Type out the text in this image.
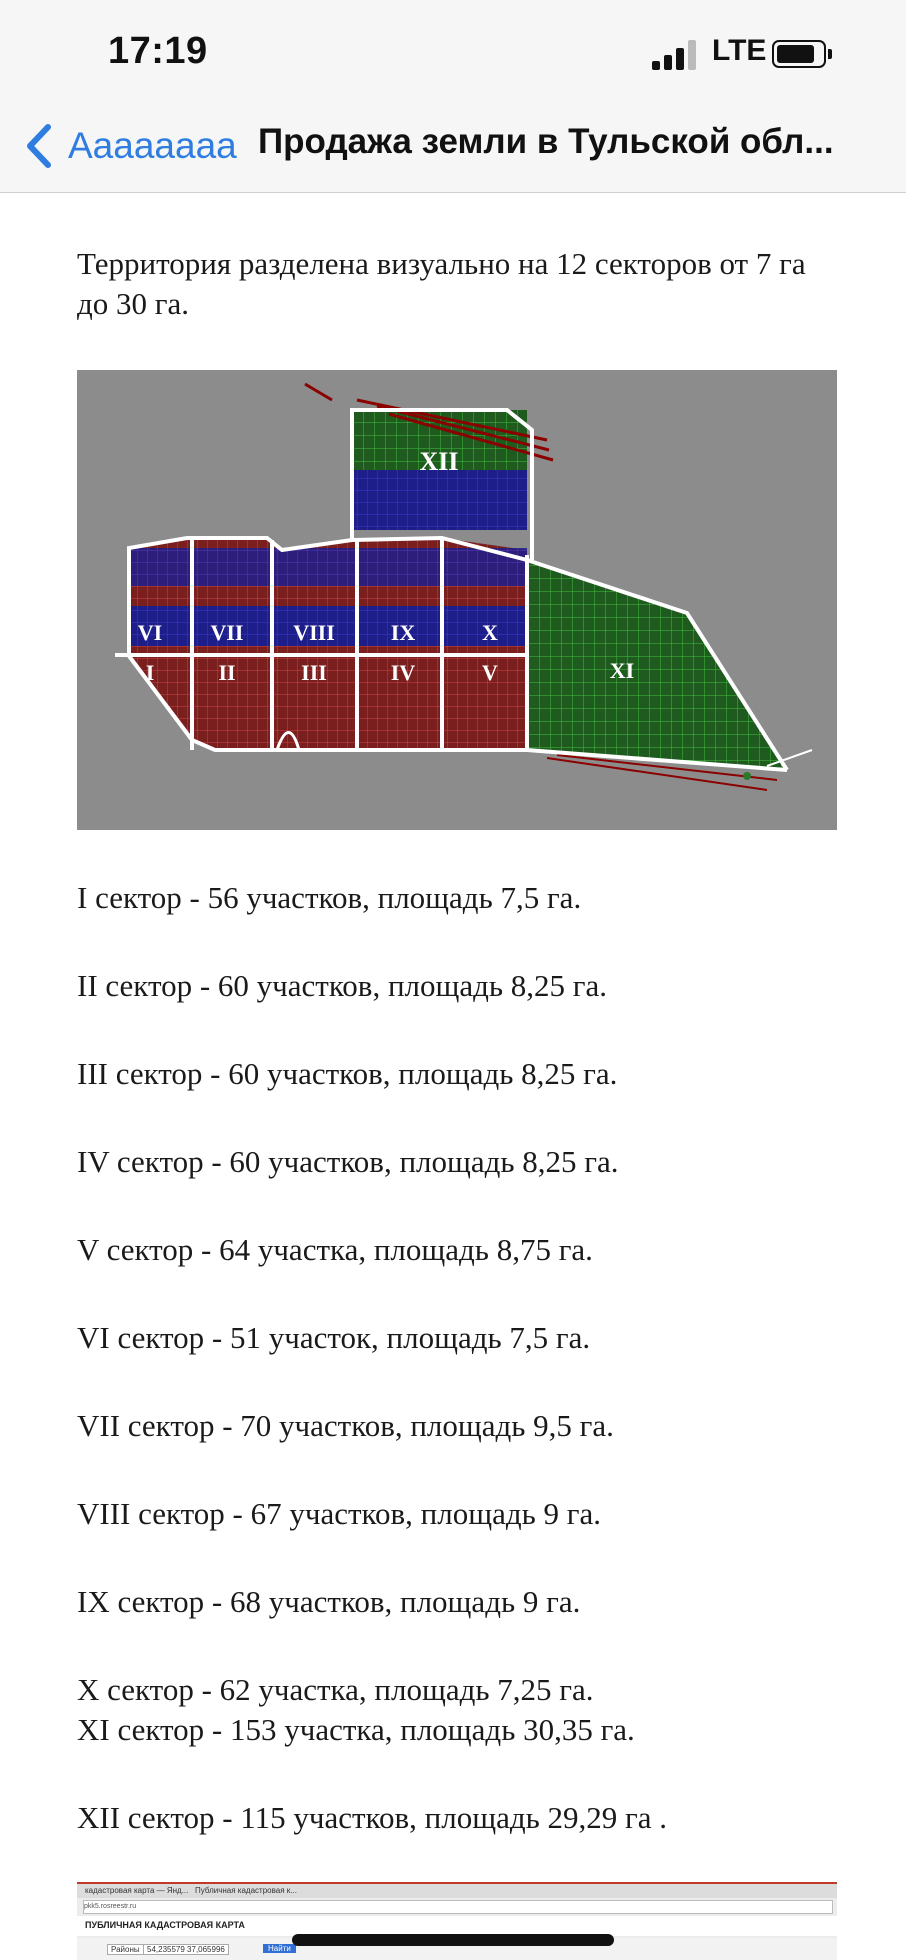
17:19	LTE
Aaaaaaaa Продажа земли в Тульской обл...
Территория разделена визуально на 12 секторов от 7 га до 30 га.
XII
VI VII VIII	IX	X
I	II	III	IV	V	XI
I сектор - 56 участков, площадь 7,5 га.
II сектор - 60 участков, площадь 8,25 га.
III сектор - 60 участков, площадь 8,25 га.
IV сектор - 60 участков, площадь 8,25 га.
V сектор - 64 участка, площадь 8,75 га.
VI сектор - 51 участок, площадь 7,5 га.
VII сектор - 70 участков, площадь 9,5 га.
VIII сектор - 67 участков, площадь 9 га.
IX сектор - 68 участков, площадь 9 га.
X сектор - 62 участка, площадь 7,25 га.
XI сектор - 153 участка, площадь 30,35 га.
XII сектор - 115 участков, площадь 29,29 га .
кадастровая карта — Янд... Публичная кадастровая к...
pkk5.rosreestr.ru
ПУБЛИЧНАЯ КАДАСТРОВАЯ КАРТА
Районы 54,235579 37,065996	Найти
